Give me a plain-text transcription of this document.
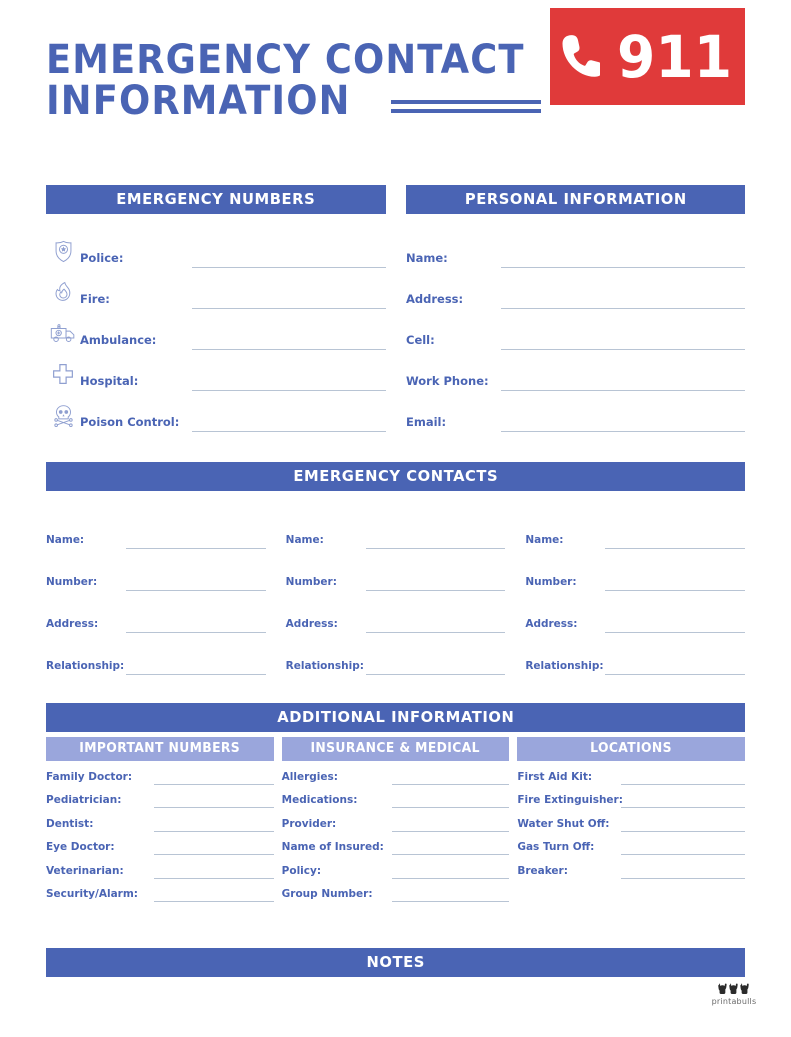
EMERGENCY CONTACT
INFORMATION
911
EMERGENCY NUMBERS
Police:
Fire:
Ambulance:
Hospital:
Poison Control:
PERSONAL INFORMATION
Name:
Address:
Cell:
Work Phone:
Email:
EMERGENCY CONTACTS
Name:
Number:
Address:
Relationship:
Name:
Number:
Address:
Relationship:
Name:
Number:
Address:
Relationship:
ADDITIONAL INFORMATION
IMPORTANT NUMBERS
Family Doctor:
Pediatrician:
Dentist:
Eye Doctor:
Veterinarian:
Security/Alarm:
INSURANCE & MEDICAL
Allergies:
Medications:
Provider:
Name of Insured:
Policy:
Group Number:
LOCATIONS
First Aid Kit:
Fire Extinguisher:
Water Shut Off:
Gas Turn Off:
Breaker:
NOTES
printabulls
